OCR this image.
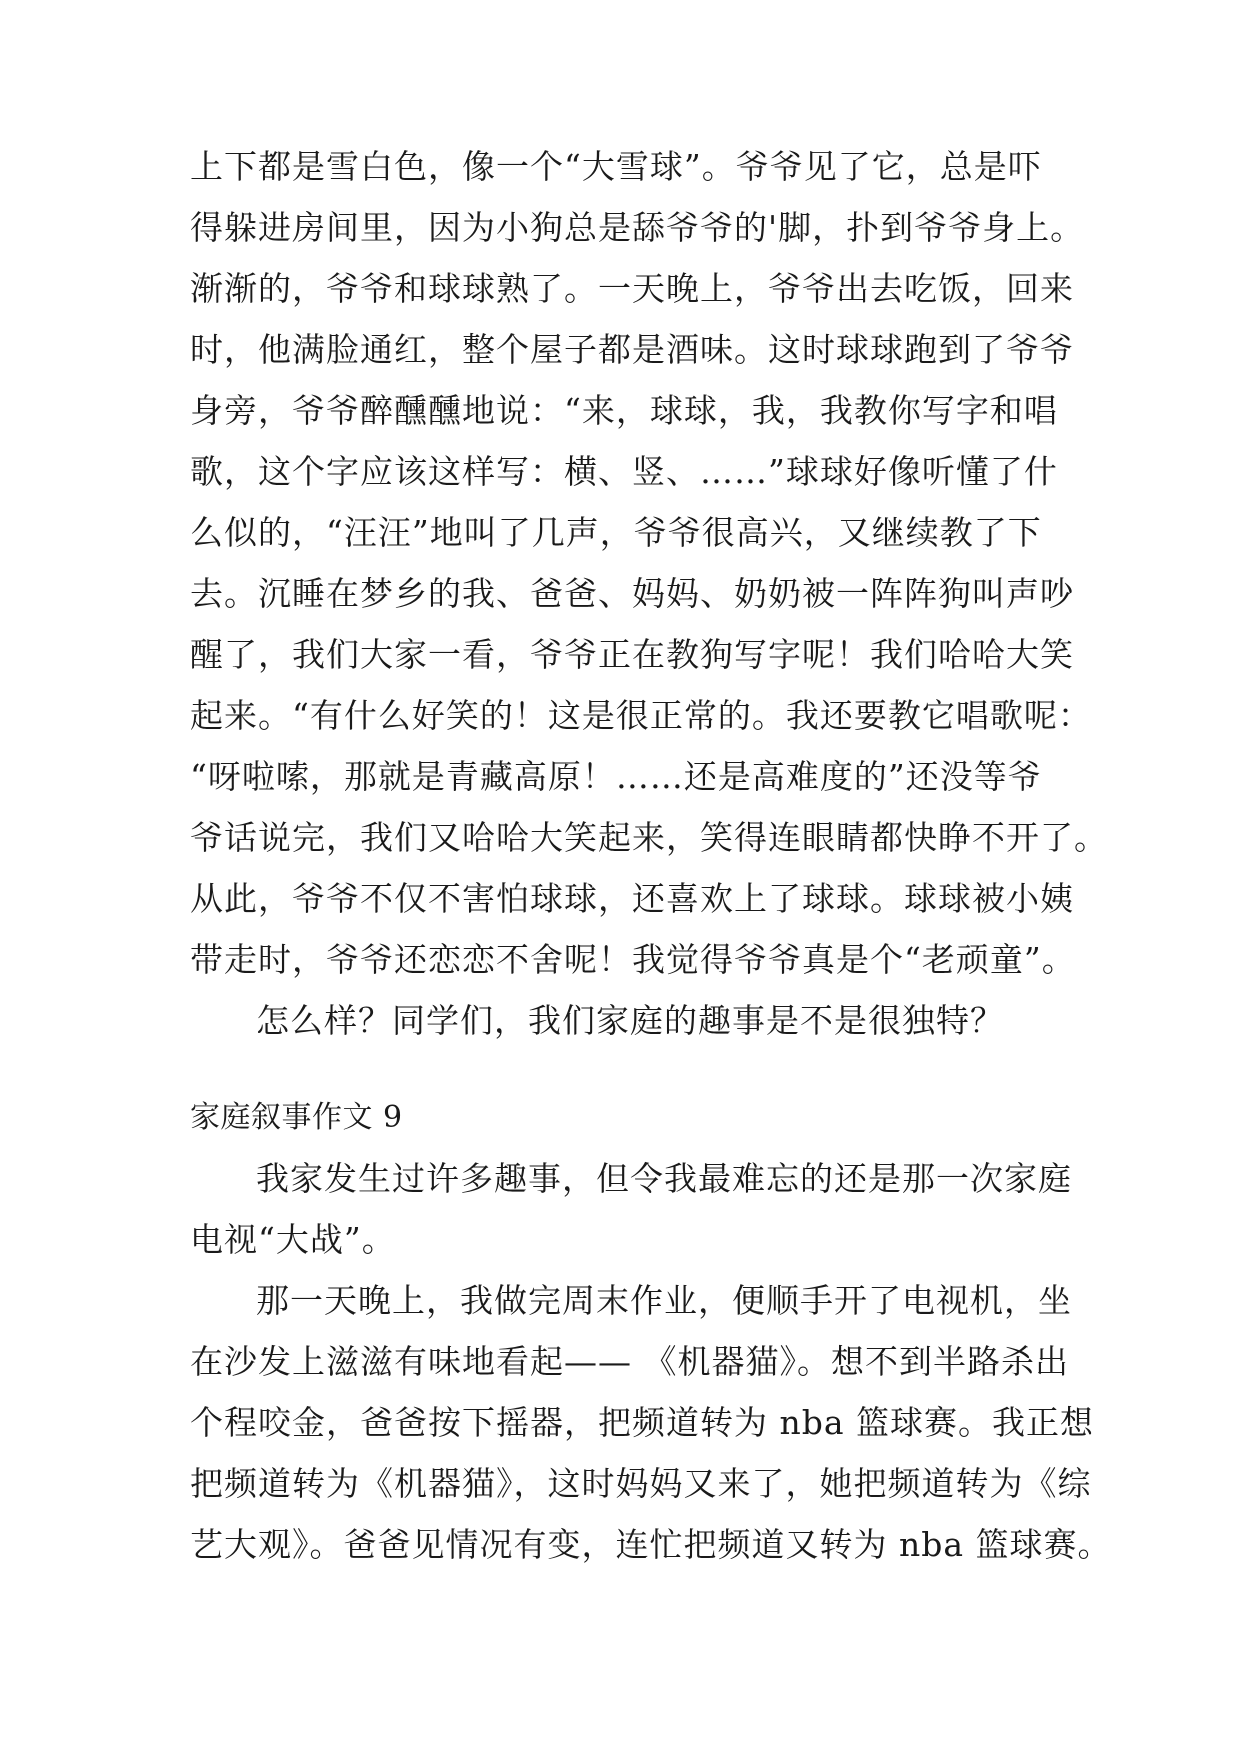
上下都是雪白色，像一个“大雪球”。爷爷见了它，总是吓
得躲进房间里，因为小狗总是舔爷爷的'脚，扑到爷爷身上。
渐渐的，爷爷和球球熟了。一天晚上，爷爷出去吃饭，回来
时，他满脸通红，整个屋子都是酒味。这时球球跑到了爷爷
身旁，爷爷醉醺醺地说：“来，球球，我，我教你写字和唱
歌，这个字应该这样写：横、竖、……”球球好像听懂了什
么似的，“汪汪”地叫了几声，爷爷很高兴，又继续教了下
去。沉睡在梦乡的我、爸爸、妈妈、奶奶被一阵阵狗叫声吵
醒了，我们大家一看，爷爷正在教狗写字呢！我们哈哈大笑
起来。“有什么好笑的！这是很正常的。我还要教它唱歌呢：
“呀啦嗦，那就是青藏高原！……还是高难度的”还没等爷
爷话说完，我们又哈哈大笑起来，笑得连眼睛都快睁不开了。
从此，爷爷不仅不害怕球球，还喜欢上了球球。球球被小姨
带走时，爷爷还恋恋不舍呢！我觉得爷爷真是个“老顽童”。
怎么样？同学们，我们家庭的趣事是不是很独特？
家庭叙事作文 9
我家发生过许多趣事，但令我最难忘的还是那一次家庭
电视“大战”。
那一天晚上，我做完周末作业，便顺手开了电视机，坐
在沙发上滋滋有味地看起—— 《机器猫》。想不到半路杀出
个程咬金，爸爸按下摇器，把频道转为 nba 篮球赛。我正想
把频道转为《机器猫》，这时妈妈又来了，她把频道转为《综
艺大观》。爸爸见情况有变，连忙把频道又转为 nba 篮球赛。
